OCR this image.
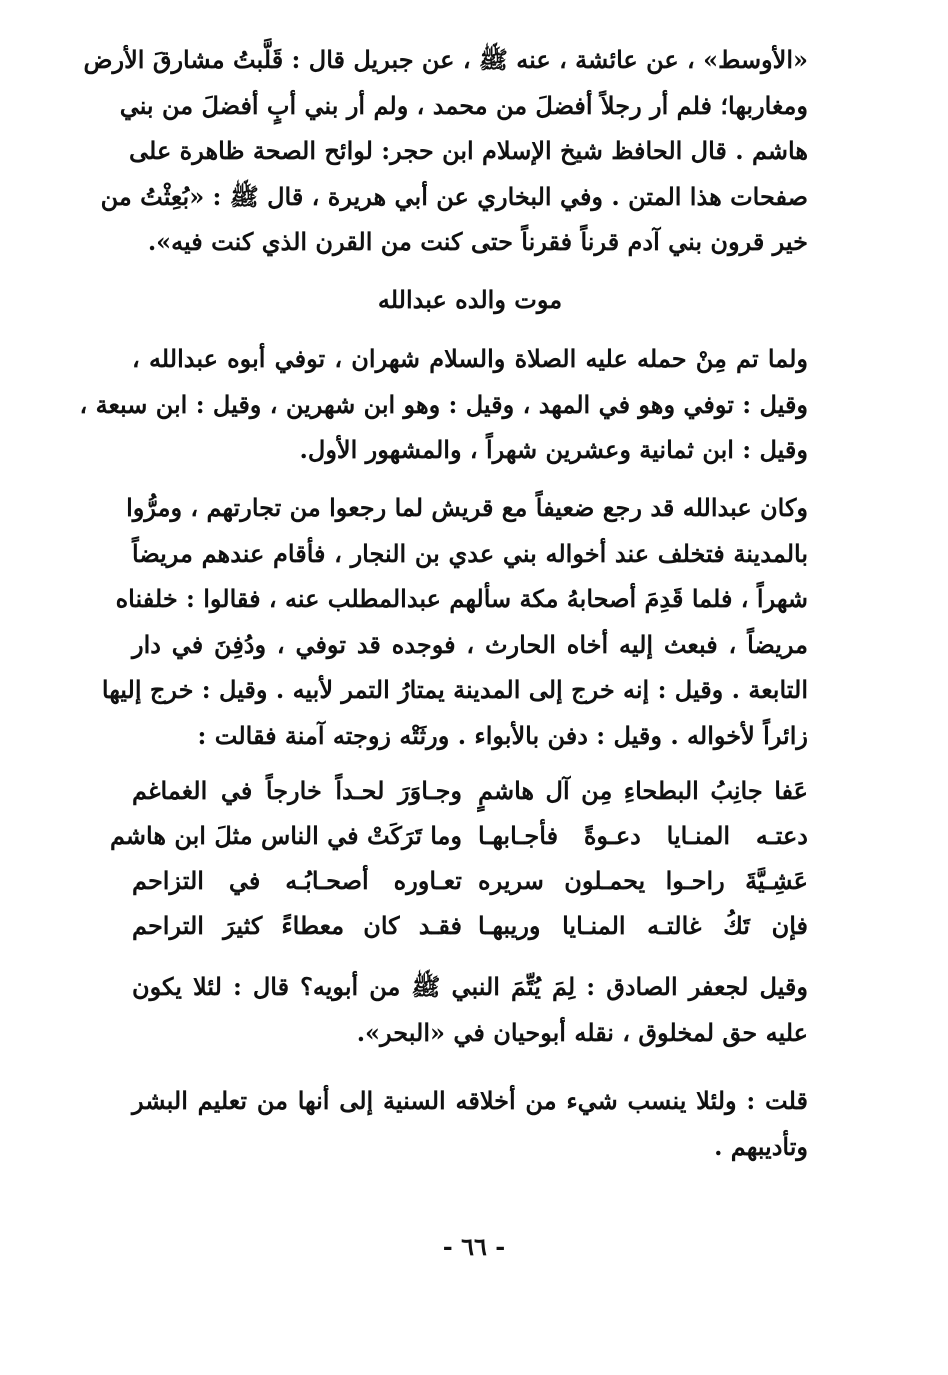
«الأوسط» ، عن عائشة ، عنه ﷺ ، عن جبريل قال : قَلَّبتُ مشارقَ الأرض
ومغاربها؛ فلم أر رجلاً أفضلَ من محمد ، ولم أر بني أبٍ أفضلَ من بني
هاشم . قال الحافظ شيخ الإسلام ابن حجر: لوائح الصحة ظاهرة على
صفحات هذا المتن . وفي البخاري عن أبي هريرة ، قال ﷺ : «بُعِثْتُ من
خير قرون بني آدم قرناً فقرناً حتى كنت من القرن الذي كنت فيه».
موت والده عبدالله
ولما تم مِنْ حمله عليه الصلاة والسلام شهران ، توفي أبوه عبدالله ،
وقيل : توفي وهو في المهد ، وقيل : وهو ابن شهرين ، وقيل : ابن سبعة ،
وقيل : ابن ثمانية وعشرين شهراً ، والمشهور الأول.
وكان عبدالله قد رجع ضعيفاً مع قريش لما رجعوا من تجارتهم ، ومرُّوا
بالمدينة فتخلف عند أخواله بني عدي بن النجار ، فأقام عندهم مريضاً
شهراً ، فلما قَدِمَ أصحابهُ مكة سألهم عبدالمطلب عنه ، فقالوا : خلفناه
مريضاً ، فبعث إليه أخاه الحارث ، فوجده قد توفي ، ودُفِنَ في دار
التابعة . وقيل : إنه خرج إلى المدينة يمتارُ التمر لأبيه . وقيل : خرج إليها
زائراً لأخواله . وقيل : دفن بالأبواء . ورثَتْه زوجته آمنة فقالت :
عَفا جانِبُ البطحاءِ مِن آل هاشمٍ
وجـاوَرَ لحـداً خارجاً في الغماغم
دعتـه المنـايا دعـوةً فأجـابهـا
وما تَرَكَتْ في الناس مثلَ ابن هاشم
عَشِـيَّةَ راحـوا يحمـلون سريره
تعـاوره أصحـابُـه في التزاحم
فإن تَكُ غالتـه المنـايا وريبهـا
فقـد كان معطاءً كثيرَ التراحم
وقيل لجعفر الصادق : لِمَ يُتِّمَ النبي ﷺ من أبويه؟ قال : لئلا يكون
عليه حق لمخلوق ، نقله أبوحيان في «البحر».
قلت : ولئلا ينسب شيء من أخلاقه السنية إلى أنها من تعليم البشر
وتأديبهم .
- ٦٦ -
